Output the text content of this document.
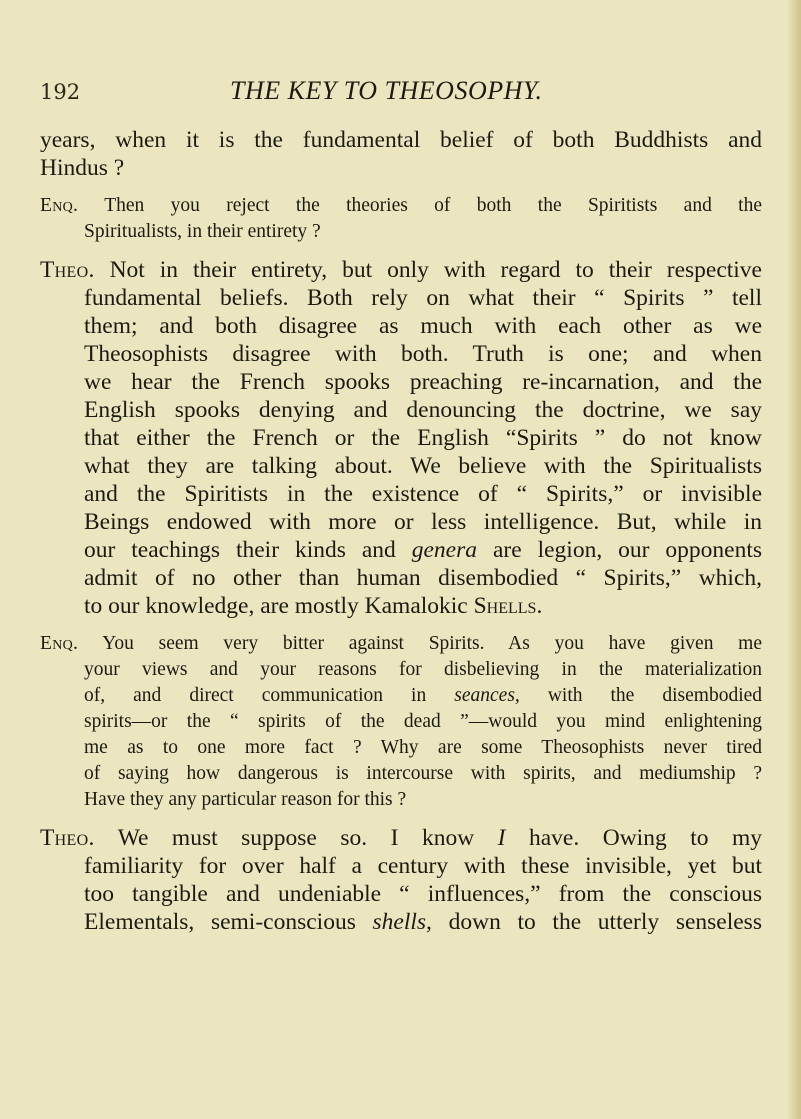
192	THE KEY TO THEOSOPHY.
years, when it is the fundamental belief of both Buddhists and
Hindus ?
Enq. Then you reject the theories of both the Spiritists and the
Spiritualists, in their entirety ?
Theo. Not in their entirety, but only with regard to their respective
fundamental beliefs. Both rely on what their “ Spirits ” tell
them; and both disagree as much with each other as we
Theosophists disagree with both. Truth is one; and when
we hear the French spooks preaching re-incarnation, and the
English spooks denying and denouncing the doctrine, we say
that either the French or the English “Spirits ” do not know
what they are talking about. We believe with the Spiritualists
and the Spiritists in the existence of “ Spirits,” or invisible
Beings endowed with more or less intelligence. But, while in
our teachings their kinds and genera are legion, our opponents
admit of no other than human disembodied “ Spirits,” which,
to our knowledge, are mostly Kamalokic Shells.
Enq. You seem very bitter against Spirits. As you have given me
your views and your reasons for disbelieving in the materialization
of, and direct communication in seances, with the disembodied
spirits—or the “ spirits of the dead ”—would you mind enlightening
me as to one more fact ? Why are some Theosophists never tired
of saying how dangerous is intercourse with spirits, and mediumship ?
Have they any particular reason for this ?
Theo. We must suppose so. I know I have. Owing to my
familiarity for over half a century with these invisible, yet but
too tangible and undeniable “ influences,” from the conscious
Elementals, semi-conscious shells, down to the utterly senseless
